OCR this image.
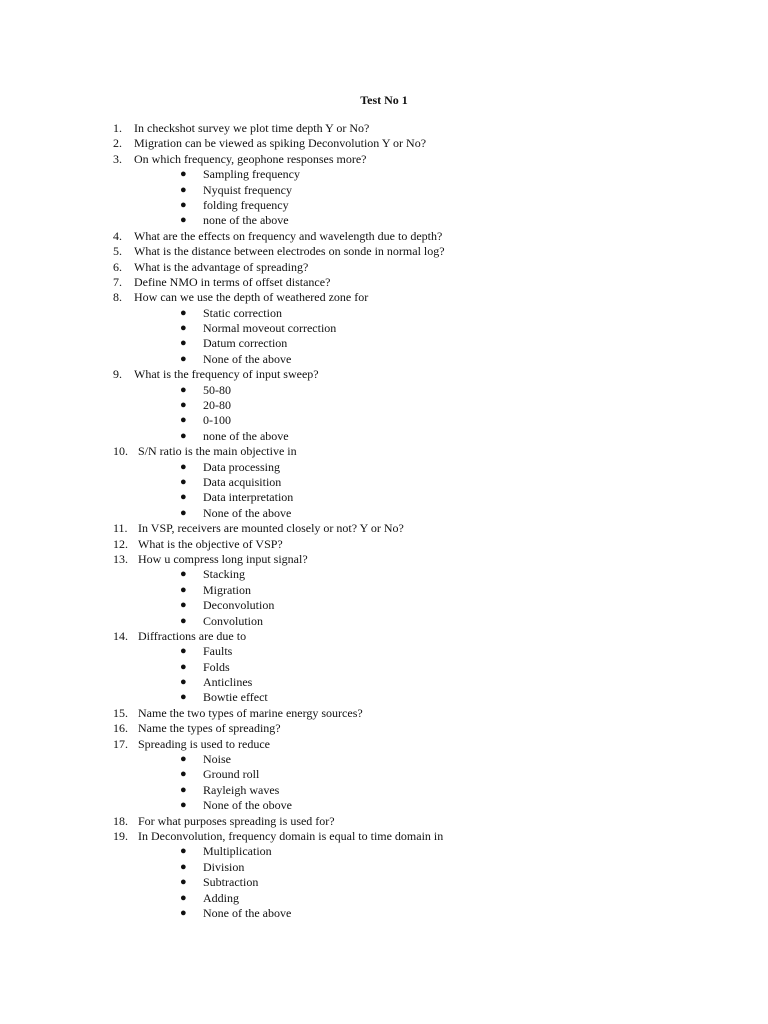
Test No 1
1. In checkshot survey we plot time depth Y or No?
2. Migration can be viewed as spiking Deconvolution Y or No?
3. On which frequency, geophone responses more?
● Sampling frequency
● Nyquist frequency
● folding frequency
● none of the above
4. What are the effects on frequency and wavelength due to depth?
5. What is the distance between electrodes on sonde in normal log?
6. What is the advantage of spreading?
7. Define NMO in terms of offset distance?
8. How can we use the depth of weathered zone for
● Static correction
● Normal moveout correction
● Datum correction
● None of the above
9. What is the frequency of input sweep?
● 50-80
● 20-80
● 0-100
● none of the above
10. S/N ratio is the main objective in
● Data processing
● Data acquisition
● Data interpretation
● None of the above
11. In VSP, receivers are mounted closely or not? Y or No?
12. What is the objective of VSP?
13. How u compress long input signal?
● Stacking
● Migration
● Deconvolution
● Convolution
14. Diffractions are due to
● Faults
● Folds
● Anticlines
● Bowtie effect
15. Name the two types of marine energy sources?
16. Name the types of spreading?
17. Spreading is used to reduce
● Noise
● Ground roll
● Rayleigh waves
● None of the obove
18. For what purposes spreading is used for?
19. In Deconvolution, frequency domain is equal to time domain in
● Multiplication
● Division
● Subtraction
● Adding
● None of the above
